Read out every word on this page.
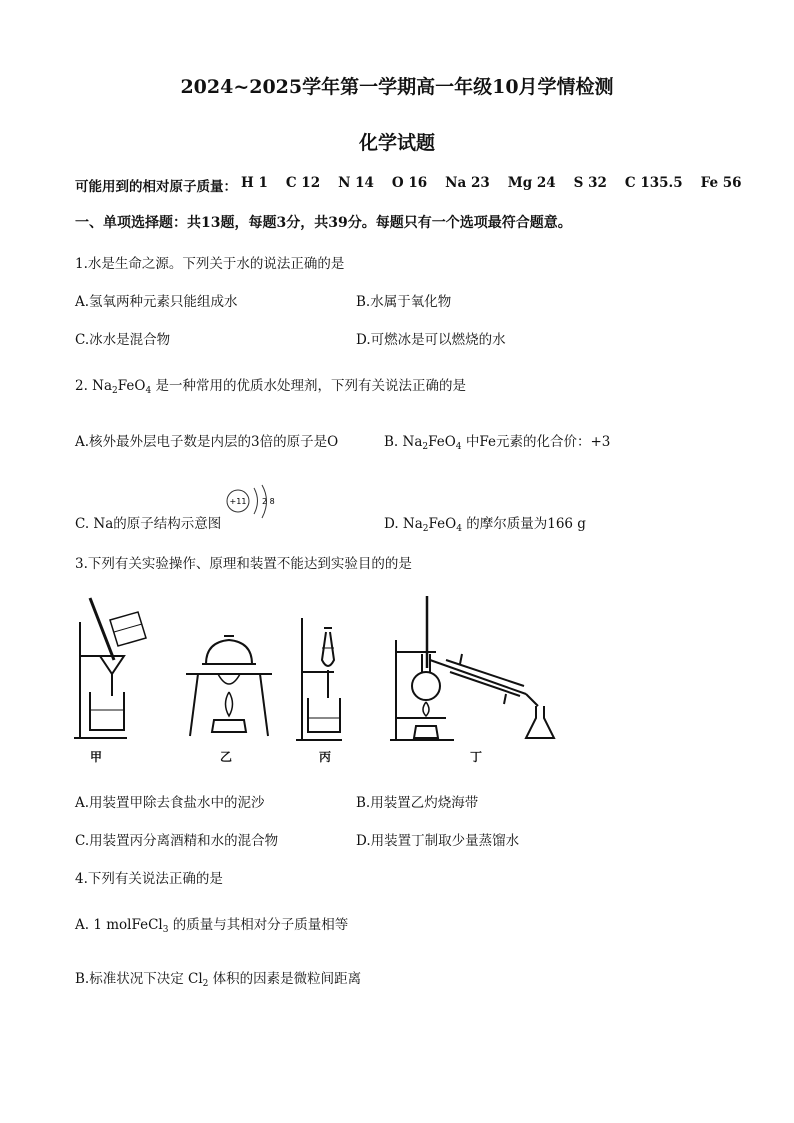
2024~2025学年第一学期高一年级10月学情检测
化学试题
可能用到的相对原子质量： H 1 C 12 N 14 O 16 Na 23 Mg 24 S 32 C 135.5 Fe 56
一、单项选择题：共13题，每题3分，共39分。每题只有一个选项最符合题意。
1.水是生命之源。下列关于水的说法正确的是
A.氢氧两种元素只能组成水	B.水属于氧化物
C.冰水是混合物	D.可燃冰是可以燃烧的水
2. $Na_2FeO_4$ 是一种常用的优质水处理剂，下列有关说法正确的是
A.核外最外层电子数是内层的3倍的原子是O	B. $Na_2FeO_4$ 中Fe元素的化合价：+3
C. Na的原子结构示意图
+11 2 8
D. $Na_2FeO_4$ 的摩尔质量为166 g
3.下列有关实验操作、原理和装置不能达到实验目的的是
甲	乙	丙	丁
A.用装置甲除去食盐水中的泥沙	B.用装置乙灼烧海带
C.用装置丙分离酒精和水的混合物	D.用装置丁制取少量蒸馏水
4.下列有关说法正确的是
A. 1 molFeCl$_3$ 的质量与其相对分子质量相等
B.标准状况下决定 $Cl_2$ 体积的因素是微粒间距离
